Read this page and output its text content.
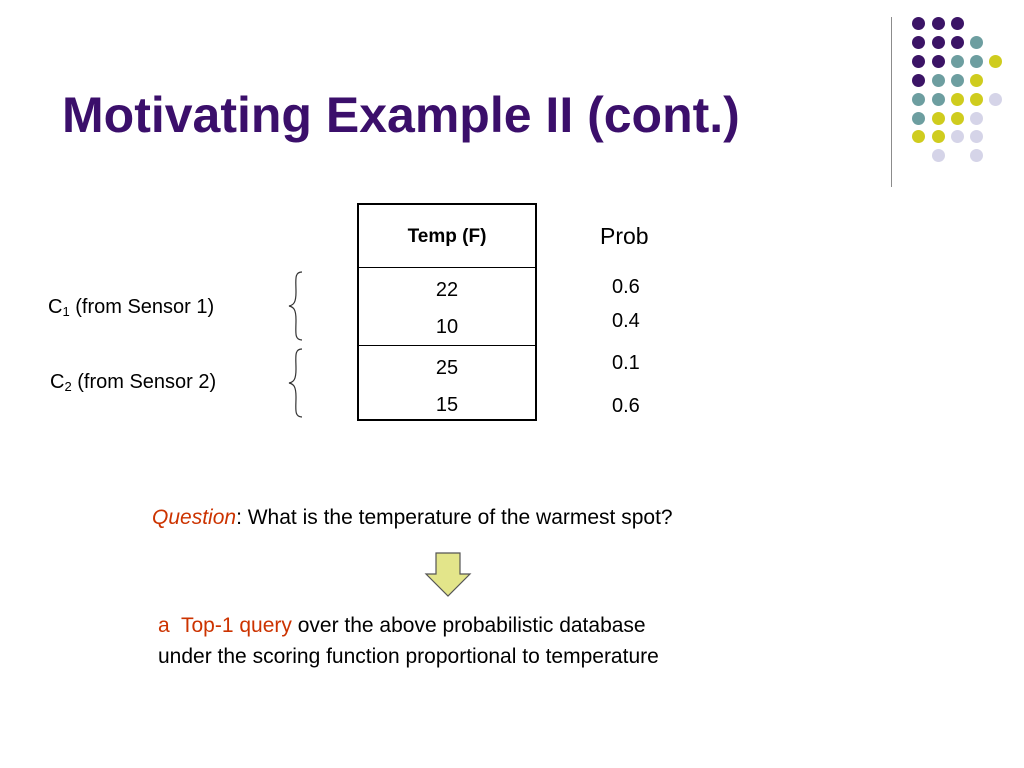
Motivating Example II (cont.)
Temp (F)
22
10
25
15
Prob
0.6
0.4
0.1
0.6
$C_1$ (from Sensor 1)
$C_2$ (from Sensor 2)
Question: What is the temperature of the warmest spot?
a  Top-1 query over the above probabilistic database
under the scoring function proportional to temperature
